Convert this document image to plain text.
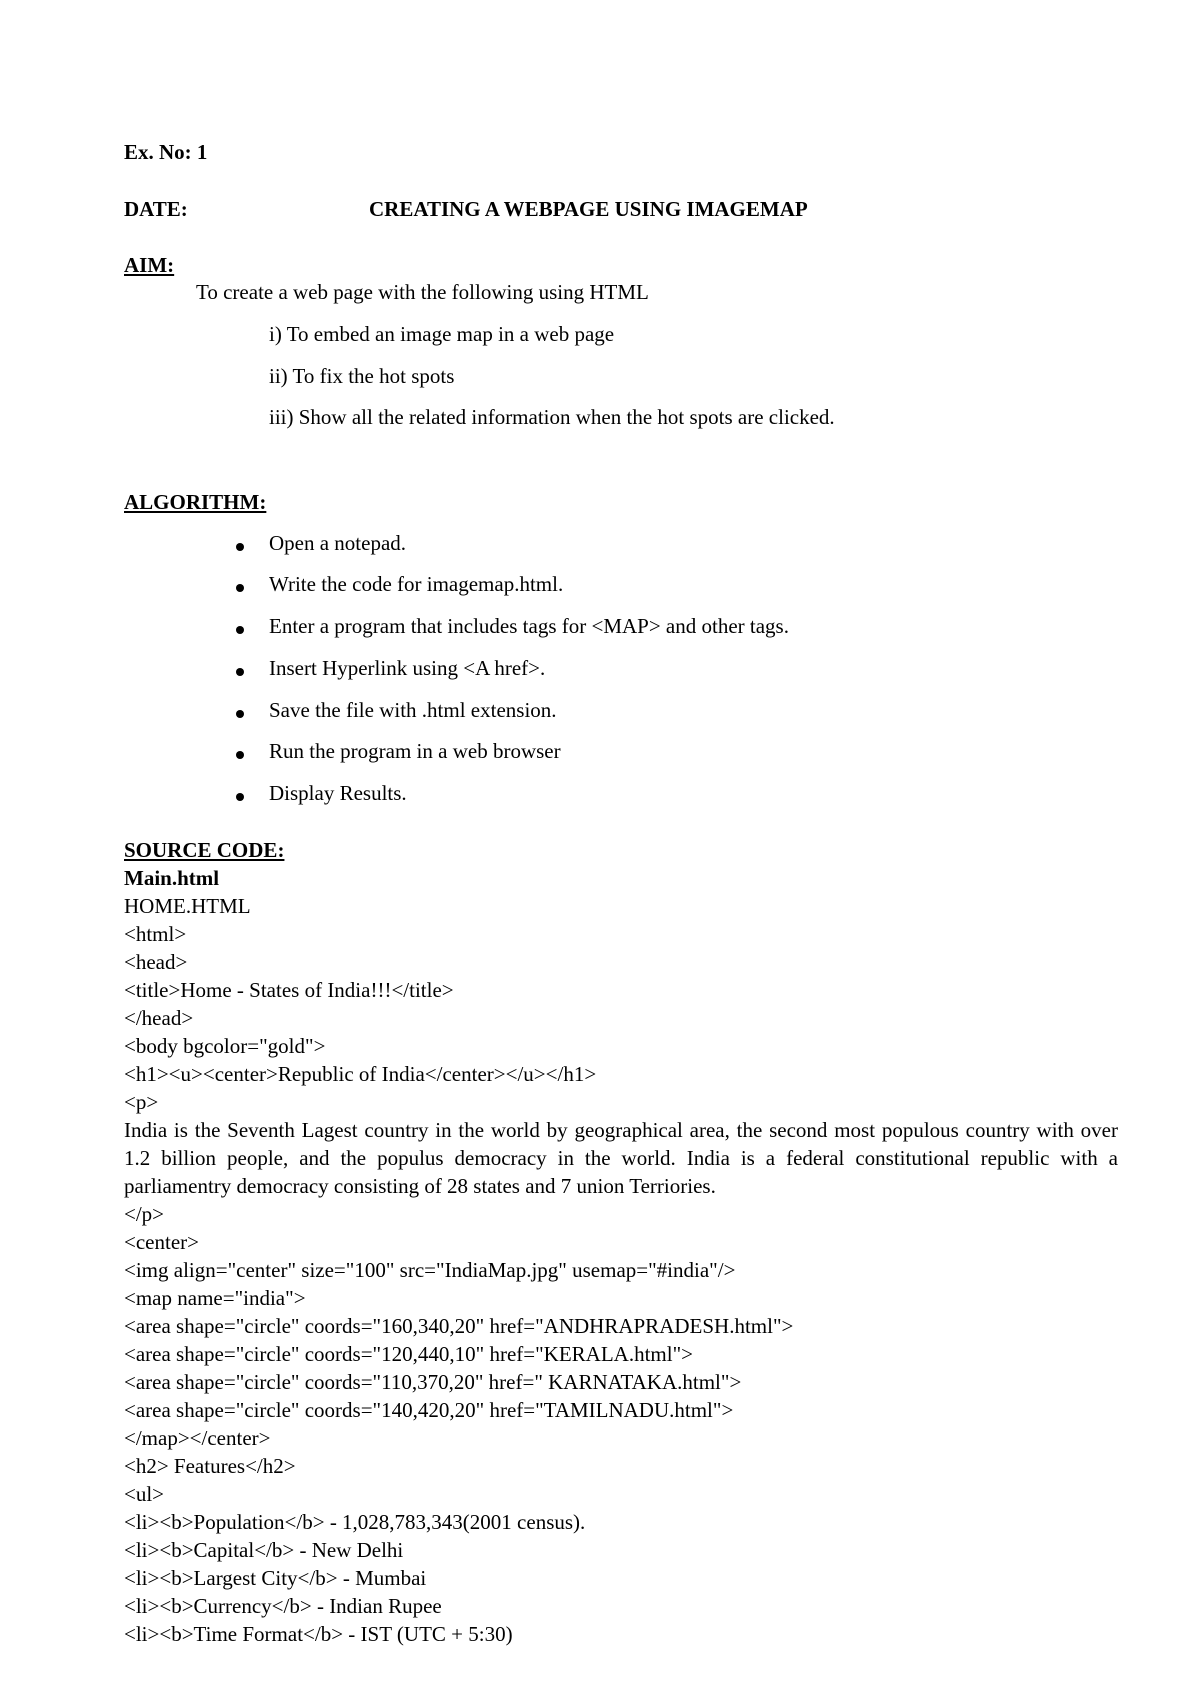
Ex. No: 1
DATE:	CREATING A WEBPAGE USING IMAGEMAP
AIM:
To create a web page with the following using HTML
i) To embed an image map in a web page
ii) To fix the hot spots
iii) Show all the related information when the hot spots are clicked.
ALGORITHM:
Open a notepad.
Write the code for imagemap.html.
Enter a program that includes tags for <MAP> and other tags.
Insert Hyperlink using <A href>.
Save the file with .html extension.
Run the program in a web browser
Display Results.
SOURCE CODE:
Main.html
HOME.HTML
<html>
<head>
<title>Home - States of India!!!</title>
</head>
<body bgcolor="gold">
<h1><u><center>Republic of India</center></u></h1>
<p>
India is the Seventh Lagest country in the world by geographical area, the second most populous country with over 1.2 billion people, and the populus democracy in the world. India is a federal constitutional republic with a parliamentry democracy consisting of 28 states and 7 union Terriories.
</p>
<center>
<img align="center" size="100" src="IndiaMap.jpg" usemap="#india"/>
<map name="india">
<area shape="circle" coords="160,340,20" href="ANDHRAPRADESH.html">
<area shape="circle" coords="120,440,10" href="KERALA.html">
<area shape="circle" coords="110,370,20" href=" KARNATAKA.html">
<area shape="circle" coords="140,420,20" href="TAMILNADU.html">
</map></center>
<h2> Features</h2>
<ul>
<li><b>Population</b> - 1,028,783,343(2001 census).
<li><b>Capital</b> - New Delhi
<li><b>Largest City</b> - Mumbai
<li><b>Currency</b> - Indian Rupee
<li><b>Time Format</b> - IST (UTC + 5:30)
